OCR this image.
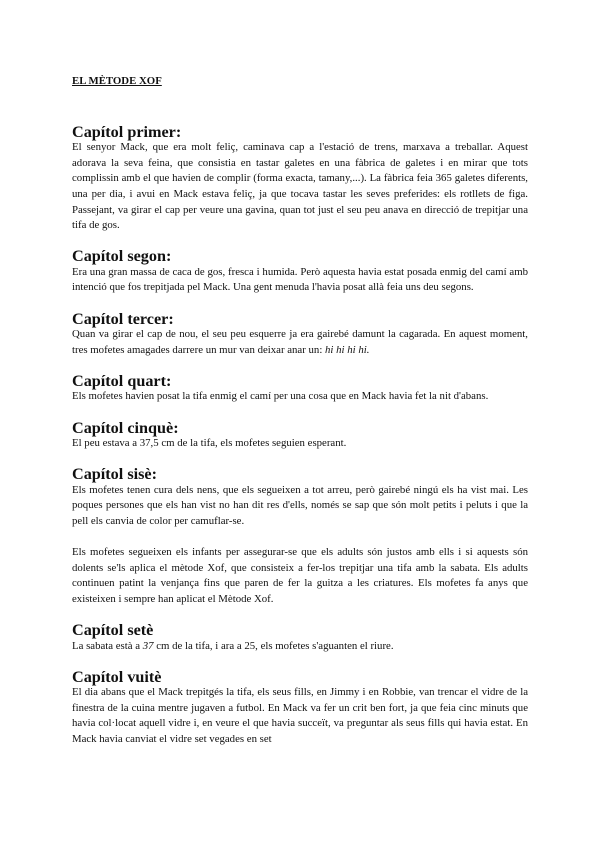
EL MÈTODE XOF
Capítol primer:

El senyor Mack, que era molt feliç, caminava cap a l'estació de trens, marxava a treballar. Aquest adorava la seva feina, que consistia en tastar galetes en una fàbrica de galetes i en mirar que tots complissin amb el que havien de complir (forma exacta, tamany,...). La fàbrica feia 365 galetes diferents, una per dia, i avui en Mack estava feliç, ja que tocava tastar les seves preferides: els rotllets de figa. Passejant, va girar el cap per veure una gavina, quan tot just el seu peu anava en direcció de trepitjar una tifa de gos.

Capítol segon:

Era una gran massa de caca de gos, fresca i humida. Però aquesta havia estat posada enmig del camí amb intenció que fos trepitjada pel Mack. Una gent menuda l'havia posat allà feia uns deu segons.

Capítol tercer:

Quan va girar el cap de nou, el seu peu esquerre ja era gairebé damunt la cagarada. En aquest moment, tres mofetes amagades darrere un mur van deixar anar un: hi hi hi hi.

Capítol quart:

Els mofetes havien posat la tifa enmig el camí per una cosa que en Mack havia fet la nit d'abans.

Capítol cinquè:

El peu estava a 37,5 cm de la tifa, els mofetes seguien esperant.

Capítol sisè:

Els mofetes tenen cura dels nens, que els segueixen a tot arreu, però gairebé ningú els ha vist mai. Les poques persones que els han vist no han dit res d'ells, només se sap que són molt petits i peluts i que la pell els canvia de color per camuflar-se.

Els mofetes segueixen els infants per assegurar-se que els adults són justos amb ells i si aquests són dolents se'ls aplica el mètode Xof, que consisteix a fer-los trepitjar una tifa amb la sabata. Els adults continuen patint la venjança fins que paren de fer la guitza a les criatures. Els mofetes fa anys que existeixen i sempre han aplicat el Mètode Xof.

Capítol setè

La sabata està a 37 cm de la tifa, i ara a 25, els mofetes s'aguanten el riure.

Capítol vuitè

El dia abans que el Mack trepitgés la tifa, els seus fills, en Jimmy i en Robbie, van trencar el vidre de la finestra de la cuina mentre jugaven a futbol. En Mack va fer un crit ben fort, ja que feia cinc minuts que havia col·locat aquell vidre i, en veure el que havia succeït, va preguntar als seus fills qui havia estat. En Mack havia canviat el vidre set vegades en set
